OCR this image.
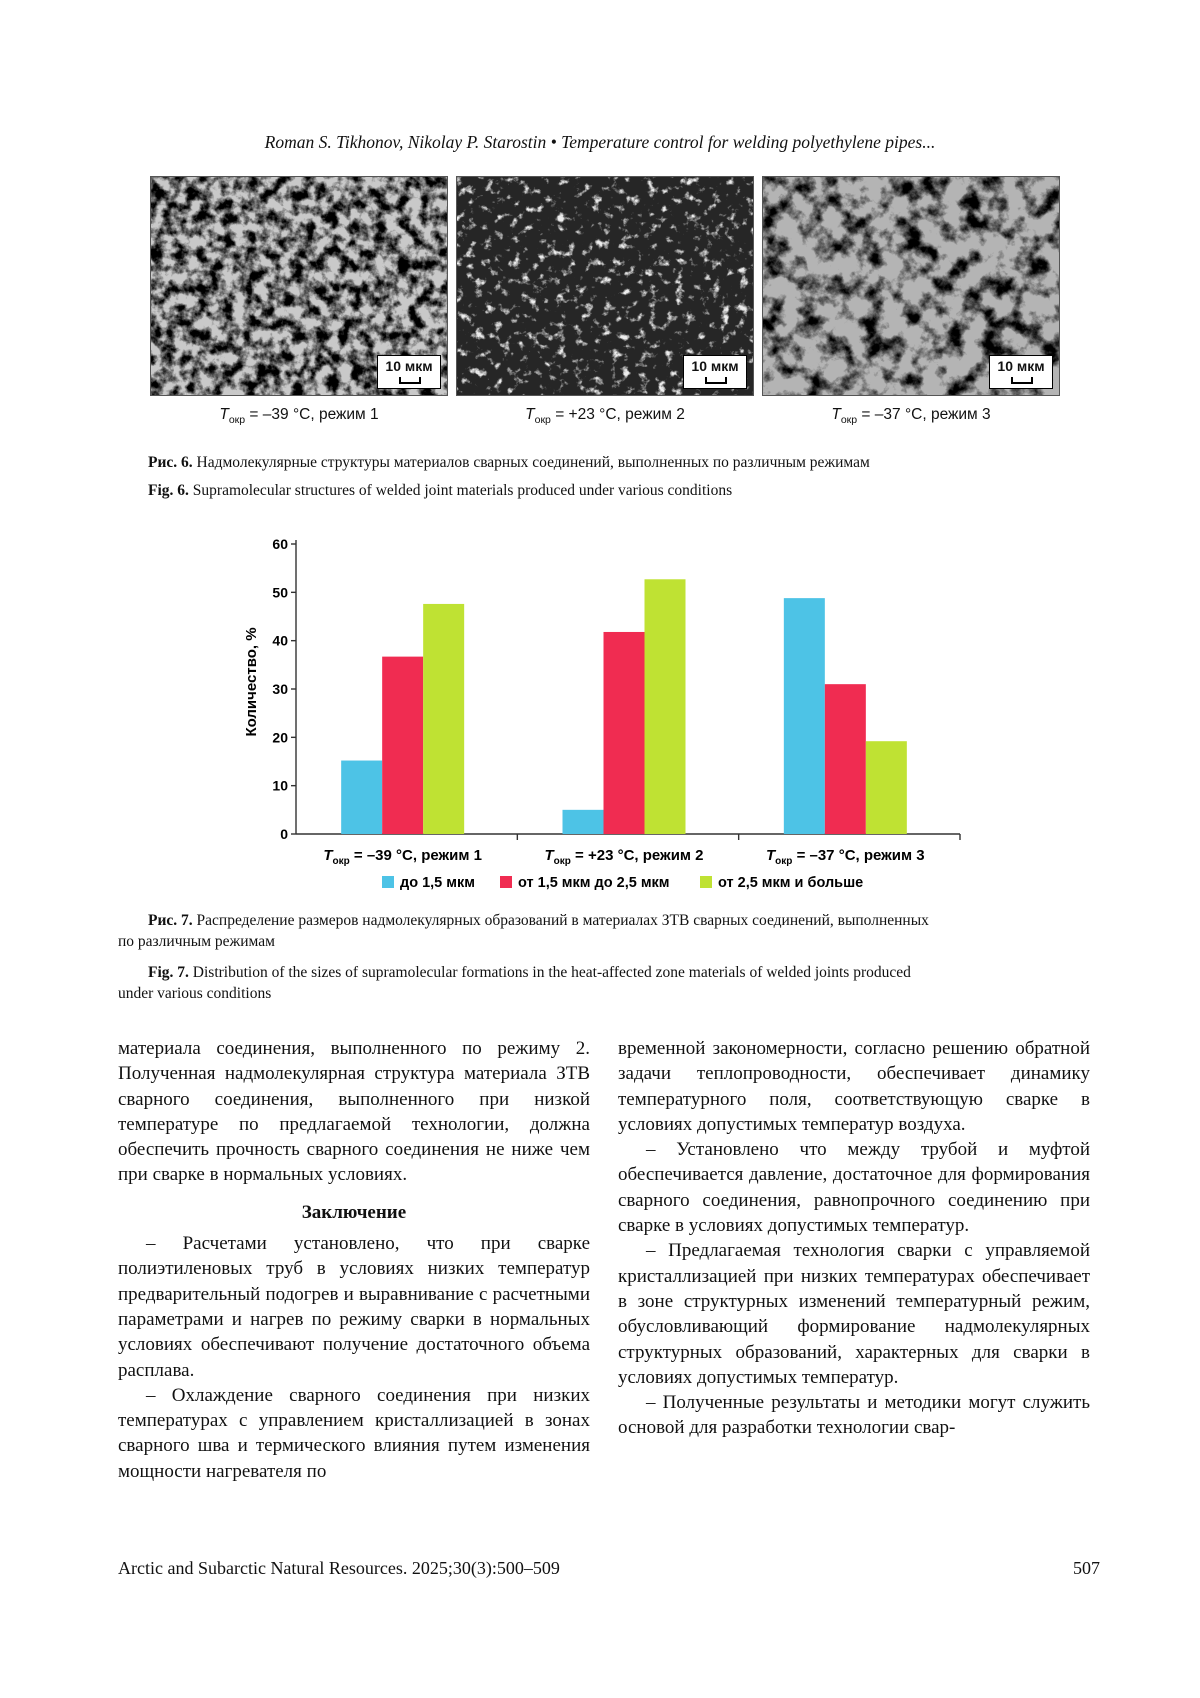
Roman S. Tikhonov, Nikolay P. Starostin • Temperature control for welding polyethylene pipes...
10 мкм	10 мкм	10 мкм
$T_{окр} = -39$ °C, режим 1	$T_{окр} = +23$ °C, режим 2	$T_{окр} = -37$ °C, режим 3
Рис. 6. Надмолекулярные структуры материалов сварных соединений, выполненных по различным режимам
Fig. 6. Supramolecular structures of welded joint materials produced under various conditions
Количество, %
0
10
20
30
40
50
60
$T_{окр} = -39$ °C, режим 1	$T_{окр} = +23$ °C, режим 2	$T_{окр} = -37$ °C, режим 3
до 1,5 мкм	от 1,5 мкм до 2,5 мкм	от 2,5 мкм и больше
Рис. 7. Распределение размеров надмолекулярных образований в материалах ЗТВ сварных соединений, выполненных
по различным режимам
Fig. 7. Distribution of the sizes of supramolecular formations in the heat-affected zone materials of welded joints produced
under various conditions

материала соединения, выполненного по режиму 2. Полученная надмолекулярная структура материала ЗТВ сварного соединения, выполненного при низкой температуре по предлагаемой технологии, должна обеспечить прочность сварного соединения не ниже чем при сварке в нормальных условиях.

Заключение

– Расчетами установлено, что при сварке полиэтиленовых труб в условиях низких температур предварительный подогрев и выравнивание с расчетными параметрами и нагрев по режиму сварки в нормальных условиях обеспечивают получение достаточного объема расплава.

– Охлаждение сварного соединения при низких температурах с управлением кристаллизацией в зонах сварного шва и термического влияния путем изменения мощности нагревателя по

временной закономерности, согласно решению обратной задачи теплопроводности, обеспечивает динамику температурного поля, соответствующую сварке в условиях допустимых температур воздуха.

– Установлено что между трубой и муфтой обеспечивается давление, достаточное для формирования сварного соединения, равнопрочного соединению при сварке в условиях допустимых температур.

– Предлагаемая технология сварки с управляемой кристаллизацией при низких температурах обеспечивает в зоне структурных изменений температурный режим, обусловливающий формирование надмолекулярных структурных образований, характерных для сварки в условиях допустимых температур.

– Полученные результаты и методики могут служить основой для разработки технологии свар-

Arctic and Subarctic Natural Resources. 2025;30(3):500–509	507
